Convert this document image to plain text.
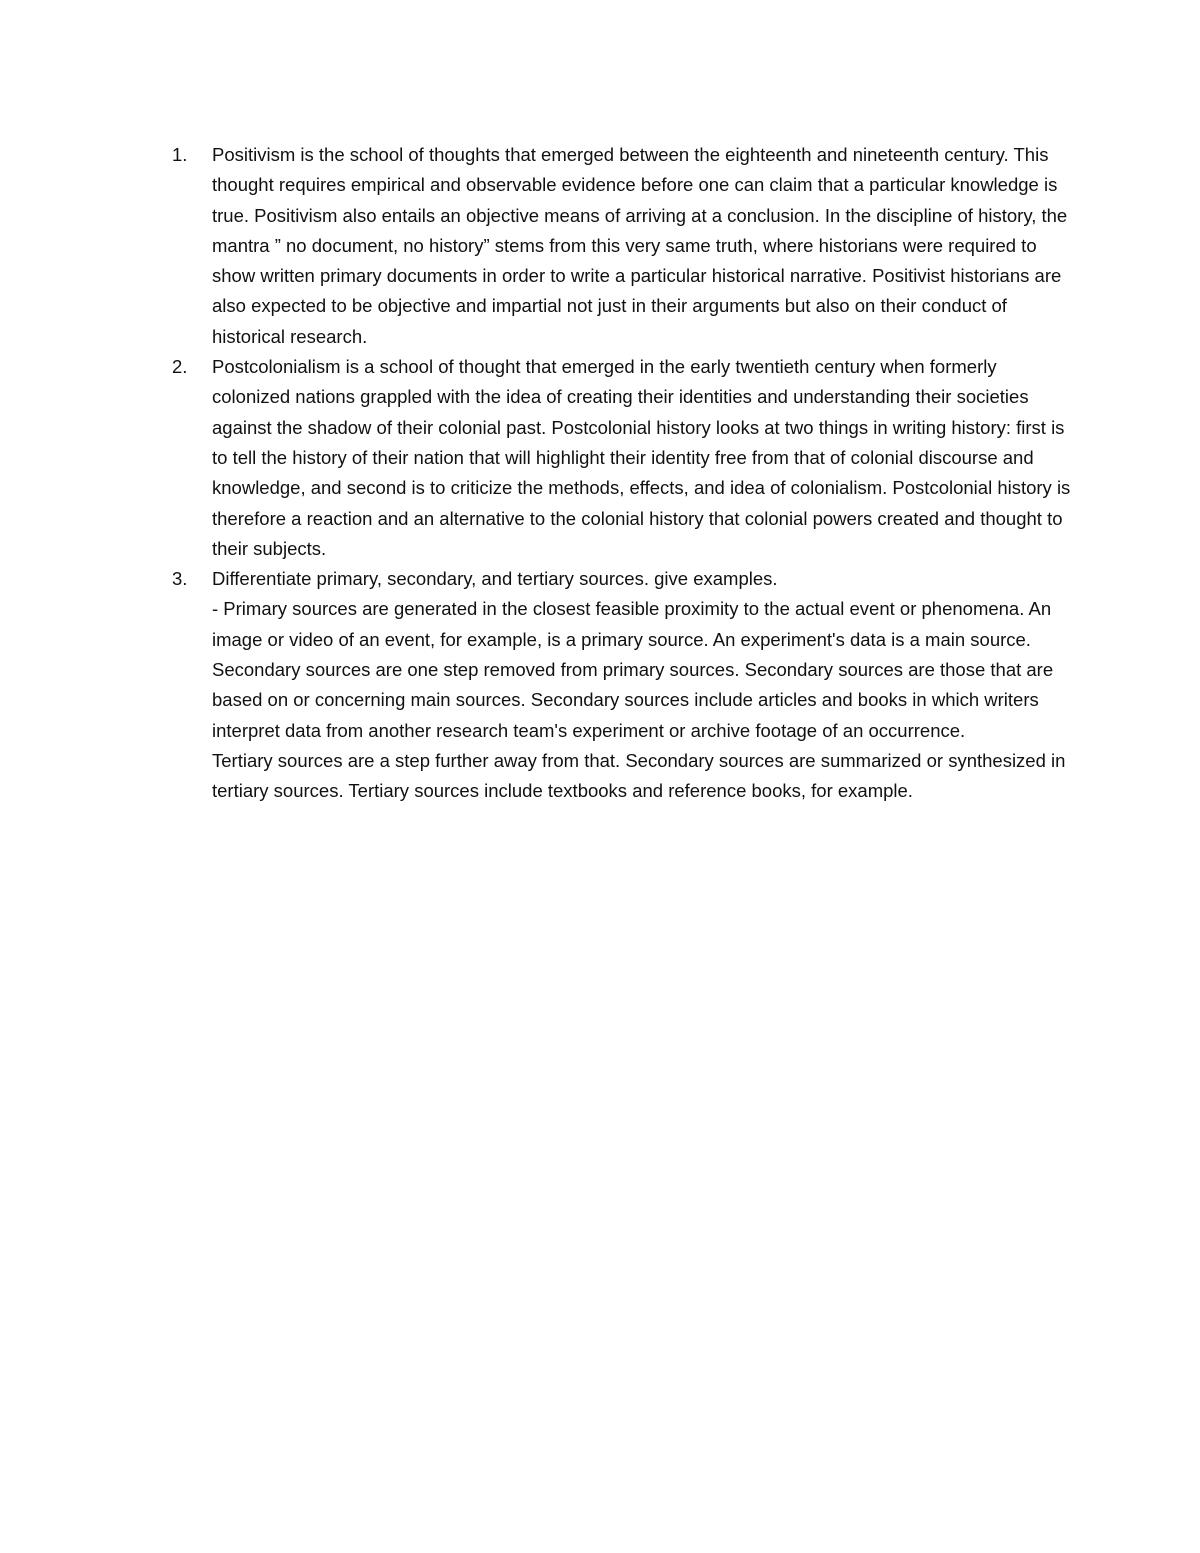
1.	Positivism is the school of thoughts that emerged between the eighteenth and nineteenth century. This thought requires empirical and observable evidence before one can claim that a particular knowledge is true. Positivism also entails an objective means of arriving at a conclusion. In the discipline of history, the mantra ” no document, no history” stems from this very same truth, where historians were required to show written primary documents in order to write a particular historical narrative. Positivist historians are also expected to be objective and impartial not just in their arguments but also on their conduct of historical research.

2.	Postcolonialism is a school of thought that emerged in the early twentieth century when formerly colonized nations grappled with the idea of creating their identities and understanding their societies against the shadow of their colonial past. Postcolonial history looks at two things in writing history: first is to tell the history of their nation that will highlight their identity free from that of colonial discourse and knowledge, and second is to criticize the methods, effects, and idea of colonialism. Postcolonial history is therefore a reaction and an alternative to the colonial history that colonial powers created and thought to their subjects.

3.	Differentiate primary, secondary, and tertiary sources. give examples.

- Primary sources are generated in the closest feasible proximity to the actual event or phenomena. An image or video of an event, for example, is a primary source. An experiment's data is a main source.

Secondary sources are one step removed from primary sources. Secondary sources are those that are based on or concerning main sources. Secondary sources include articles and books in which writers interpret data from another research team's experiment or archive footage of an occurrence.

Tertiary sources are a step further away from that. Secondary sources are summarized or synthesized in tertiary sources. Tertiary sources include textbooks and reference books, for example.
